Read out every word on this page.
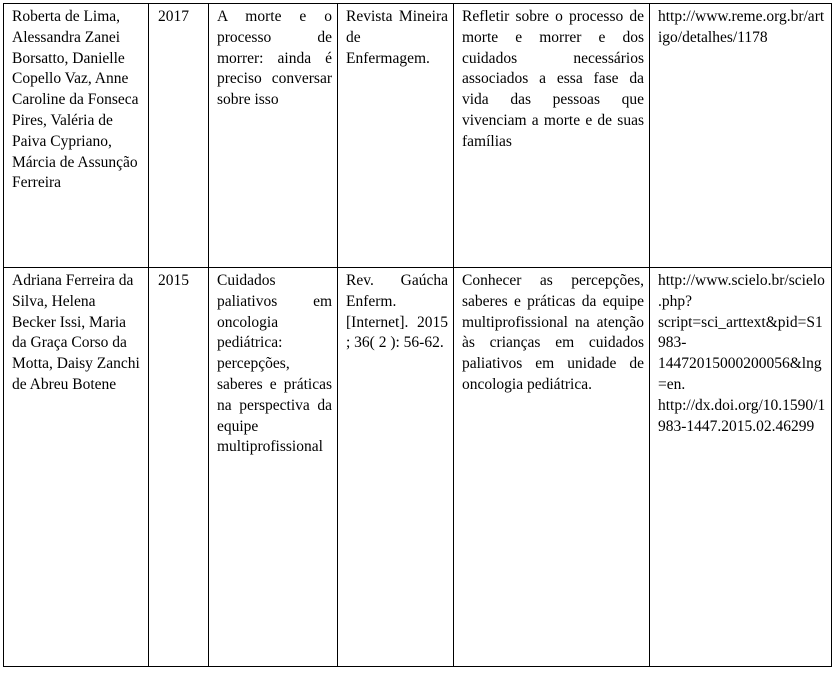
Roberta de Lima, Alessandra Zanei Borsatto, Danielle Copello Vaz, Anne Caroline da Fonseca Pires, Valéria de Paiva Cypriano, Márcia de Assunção Ferreira	2017	A morte e o processo de morrer: ainda é preciso conversar sobre isso	Revista Mineira de Enfermagem.	Refletir sobre o processo de morte e morrer e dos cuidados necessários associados a essa fase da vida das pessoas que vivenciam a morte e de suas famílias	http://www.reme.org.br/artigo/detalhes/1178
Adriana Ferreira da Silva, Helena Becker Issi, Maria da Graça Corso da Motta, Daisy Zanchi de Abreu Botene	2015	Cuidados paliativos em oncologia pediátrica: percepções, saberes e práticas na perspectiva da equipe multiprofissional	Rev. Gaúcha Enferm. [Internet]. 2015 ; 36( 2 ): 56-62.	Conhecer as percepções, saberes e práticas da equipe multiprofissional na atenção às crianças em cuidados paliativos em unidade de oncologia pediátrica.	http://www.scielo.br/scielo.php?script=sci_arttext&pid=S1983-14472015000200056&lng=en. http://dx.doi.org/10.1590/1983-1447.2015.02.46299
